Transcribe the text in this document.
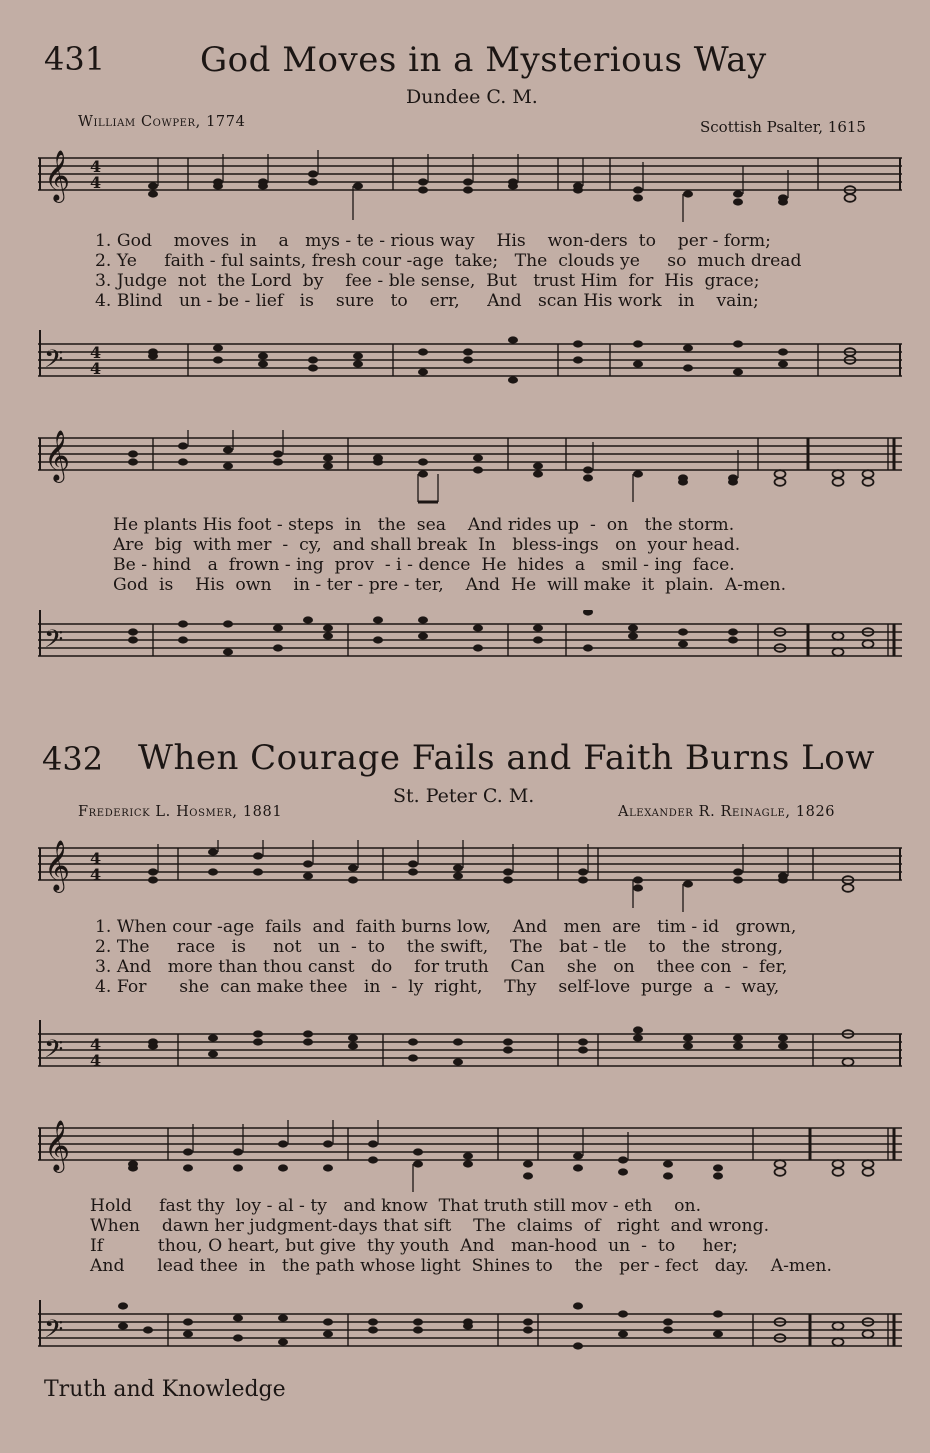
431	God Moves in a Mysterious Way
Dundee C. M.
William Cowper, 1774	Scottish Psalter, 1615
𝄞 4
4

1. God    moves  in    a   mys - te - rious way    His    won-ders  to    per - form;

2. Ye     faith - ful saints, fresh cour -age  take;   The  clouds ye     so  much dread

3. Judge  not  the Lord  by    fee - ble sense,  But   trust Him  for  His  grace;

4. Blind   un - be - lief   is    sure   to    err,     And   scan His work   in    vain;

𝄢 4
4
𝄞

He plants His foot - steps  in   the  sea    And rides up  -  on   the storm.

Are  big  with mer  -  cy,  and shall break  In   bless-ings   on  your head.

Be - hind   a  frown - ing  prov  - i - dence  He  hides  a   smil - ing  face.

God  is    His  own    in - ter - pre - ter,    And  He  will make  it  plain.  A-men.

𝄢
432 When Courage Fails and Faith Burns Low
St. Peter C. M.
Frederick L. Hosmer, 1881	Alexander R. Reinagle, 1826
𝄞 4
4

1. When cour -age  fails  and  faith burns low,    And   men  are   tim - id   grown,

2. The     race   is     not   un  -  to    the swift,    The   bat - tle    to   the  strong,

3. And   more than thou canst   do    for truth    Can    she   on    thee con  -  fer,

4. For      she  can make thee   in  -  ly  right,    Thy    self-love  purge  a  -  way,

𝄢 4
4
𝄞

Hold     fast thy  loy - al - ty   and know  That truth still mov - eth    on.

When    dawn her judgment-days that sift    The  claims  of   right  and wrong.

If          thou, O heart, but give  thy youth  And   man-hood  un  -  to     her;

And      lead thee  in   the path whose light  Shines to    the   per - fect   day.    A-men.

𝄢
Truth and Knowledge
